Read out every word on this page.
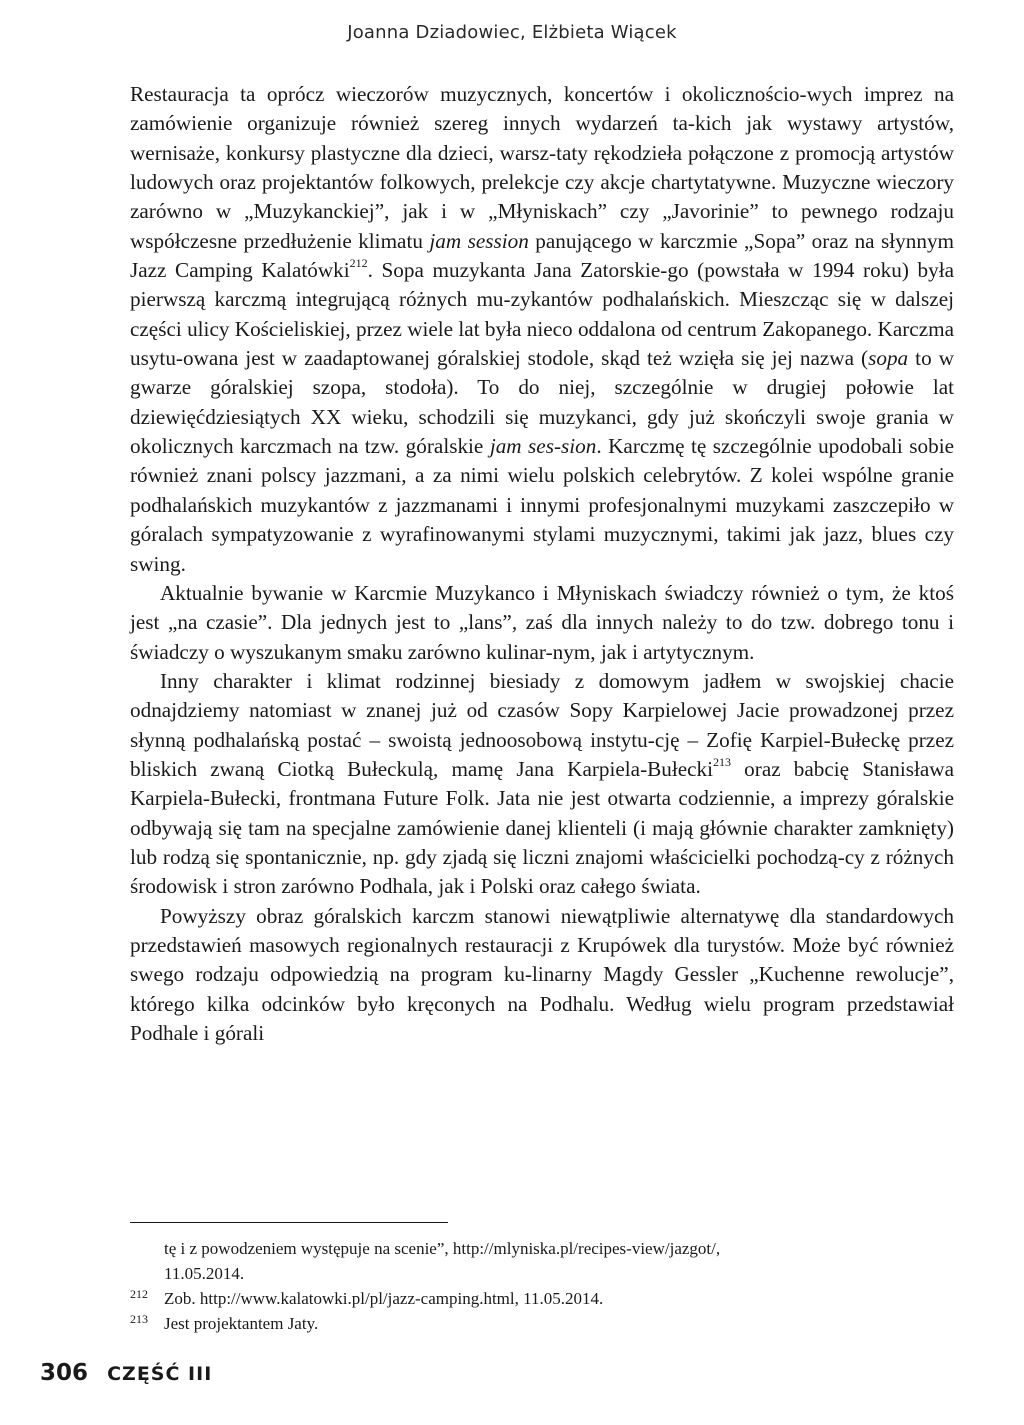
Joanna Dziadowiec, Elżbieta Wiącek

Restauracja ta oprócz wieczorów muzycznych, koncertów i okolicznościo-wych imprez na zamówienie organizuje również szereg innych wydarzeń ta-kich jak wystawy artystów, wernisaże, konkursy plastyczne dla dzieci, warsz-taty rękodzieła połączone z promocją artystów ludowych oraz projektantów folkowych, prelekcje czy akcje chartytatywne. Muzyczne wieczory zarówno w „Muzykanckiej”, jak i w „Młyniskach” czy „Javorinie” to pewnego rodzaju współczesne przedłużenie klimatu jam session panującego w karczmie „Sopa” oraz na słynnym Jazz Camping Kalatówki$^{212}$. Sopa muzykanta Jana Zatorskie-go (powstała w 1994 roku) była pierwszą karczmą integrującą różnych mu-zykantów podhalańskich. Mieszcząc się w dalszej części ulicy Kościeliskiej, przez wiele lat była nieco oddalona od centrum Zakopanego. Karczma usytu-owana jest w zaadaptowanej góralskiej stodole, skąd też wzięła się jej nazwa (sopa to w gwarze góralskiej szopa, stodoła). To do niej, szczególnie w drugiej połowie lat dziewięćdziesiątych XX wieku, schodzili się muzykanci, gdy już skończyli swoje grania w okolicznych karczmach na tzw. góralskie jam ses-sion. Karczmę tę szczególnie upodobali sobie również znani polscy jazzmani, a za nimi wielu polskich celebrytów. Z kolei wspólne granie podhalańskich muzykantów z jazzmanami i innymi profesjonalnymi muzykami zaszczepiło w góralach sympatyzowanie z wyrafinowanymi stylami muzycznymi, takimi jak jazz, blues czy swing.

Aktualnie bywanie w Karcmie Muzykanco i Młyniskach świadczy również o tym, że ktoś jest „na czasie”. Dla jednych jest to „lans”, zaś dla innych należy to do tzw. dobrego tonu i świadczy o wyszukanym smaku zarówno kulinar-nym, jak i artytycznym.

Inny charakter i klimat rodzinnej biesiady z domowym jadłem w swojskiej chacie odnajdziemy natomiast w znanej już od czasów Sopy Karpielowej Jacie prowadzonej przez słynną podhalańską postać – swoistą jednoosobową instytu-cję – Zofię Karpiel-Bułeckę przez bliskich zwaną Ciotką Bułeckulą, mamę Jana Karpiela-Bułecki$^{213}$ oraz babcię Stanisława Karpiela-Bułecki, frontmana Future Folk. Jata nie jest otwarta codziennie, a imprezy góralskie odbywają się tam na specjalne zamówienie danej klienteli (i mają głównie charakter zamknięty) lub rodzą się spontanicznie, np. gdy zjadą się liczni znajomi właścicielki pochodzą-cy z różnych środowisk i stron zarówno Podhala, jak i Polski oraz całego świata.

Powyższy obraz góralskich karczm stanowi niewątpliwie alternatywę dla standardowych przedstawień masowych regionalnych restauracji z Krupówek dla turystów. Może być również swego rodzaju odpowiedzią na program ku-linarny Magdy Gessler „Kuchenne rewolucje”, którego kilka odcinków było kręconych na Podhalu. Według wielu program przedstawiał Podhale i górali

tę i z powodzeniem występuje na scenie”, http://mlyniska.pl/recipes-view/jazgot/,
11.05.2014.
212 Zob. http://www.kalatowki.pl/pl/jazz-camping.html, 11.05.2014.
213 Jest projektantem Jaty.
306 CZĘŚĆ III
